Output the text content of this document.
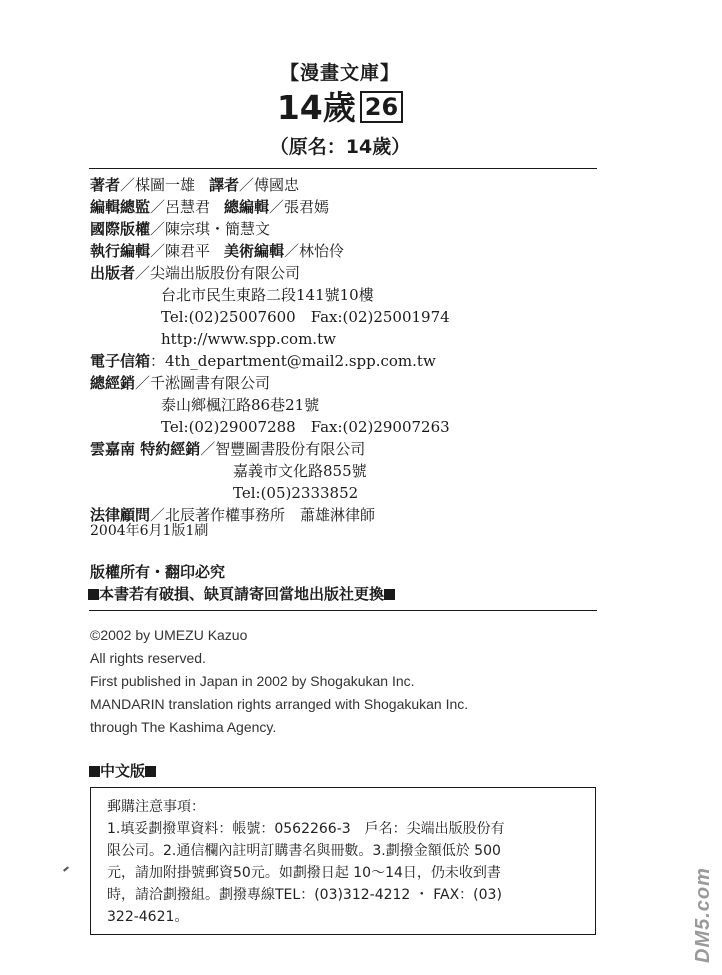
【漫畫文庫】
14歲 26
（原名：14歲）
著者／楳圖一雄 譯者／傅國忠
編輯總監／呂慧君 總編輯／張君嫣
國際版權／陳宗琪・簡慧文
執行編輯／陳君平 美術編輯／林怡伶
出版者／尖端出版股份有限公司
台北市民生東路二段141號10樓
Tel:(02)25007600　Fax:(02)25001974
http://www.spp.com.tw
電子信箱：4th_department@mail2.spp.com.tw
總經銷／千淞圖書有限公司
泰山鄉楓江路86巷21號
Tel:(02)29007288　Fax:(02)29007263
雲嘉南 特約經銷／智豐圖書股份有限公司
嘉義市文化路855號
Tel:(05)2333852
法律顧問／北辰著作權事務所　蕭雄淋律師
2004年6月1版1刷
版權所有・翻印必究
本書若有破損、缺頁請寄回當地出版社更換
©2002 by UMEZU Kazuo
All rights reserved.
First published in Japan in 2002 by Shogakukan Inc.
MANDARIN translation rights arranged with Shogakukan Inc.
through The Kashima Agency.
中文版
郵購注意事項：
1.填妥劃撥單資料：帳號：0562266-3　戶名：尖端出版股份有
限公司。2.通信欄內註明訂購書名與冊數。3.劃撥金額低於 500
元，請加附掛號郵資50元。如劃撥日起 10～14日，仍未收到書
時，請洽劃撥組。劃撥專線TEL：(03)312-4212 ・ FAX：(03)
322-4621。	DM5.com
